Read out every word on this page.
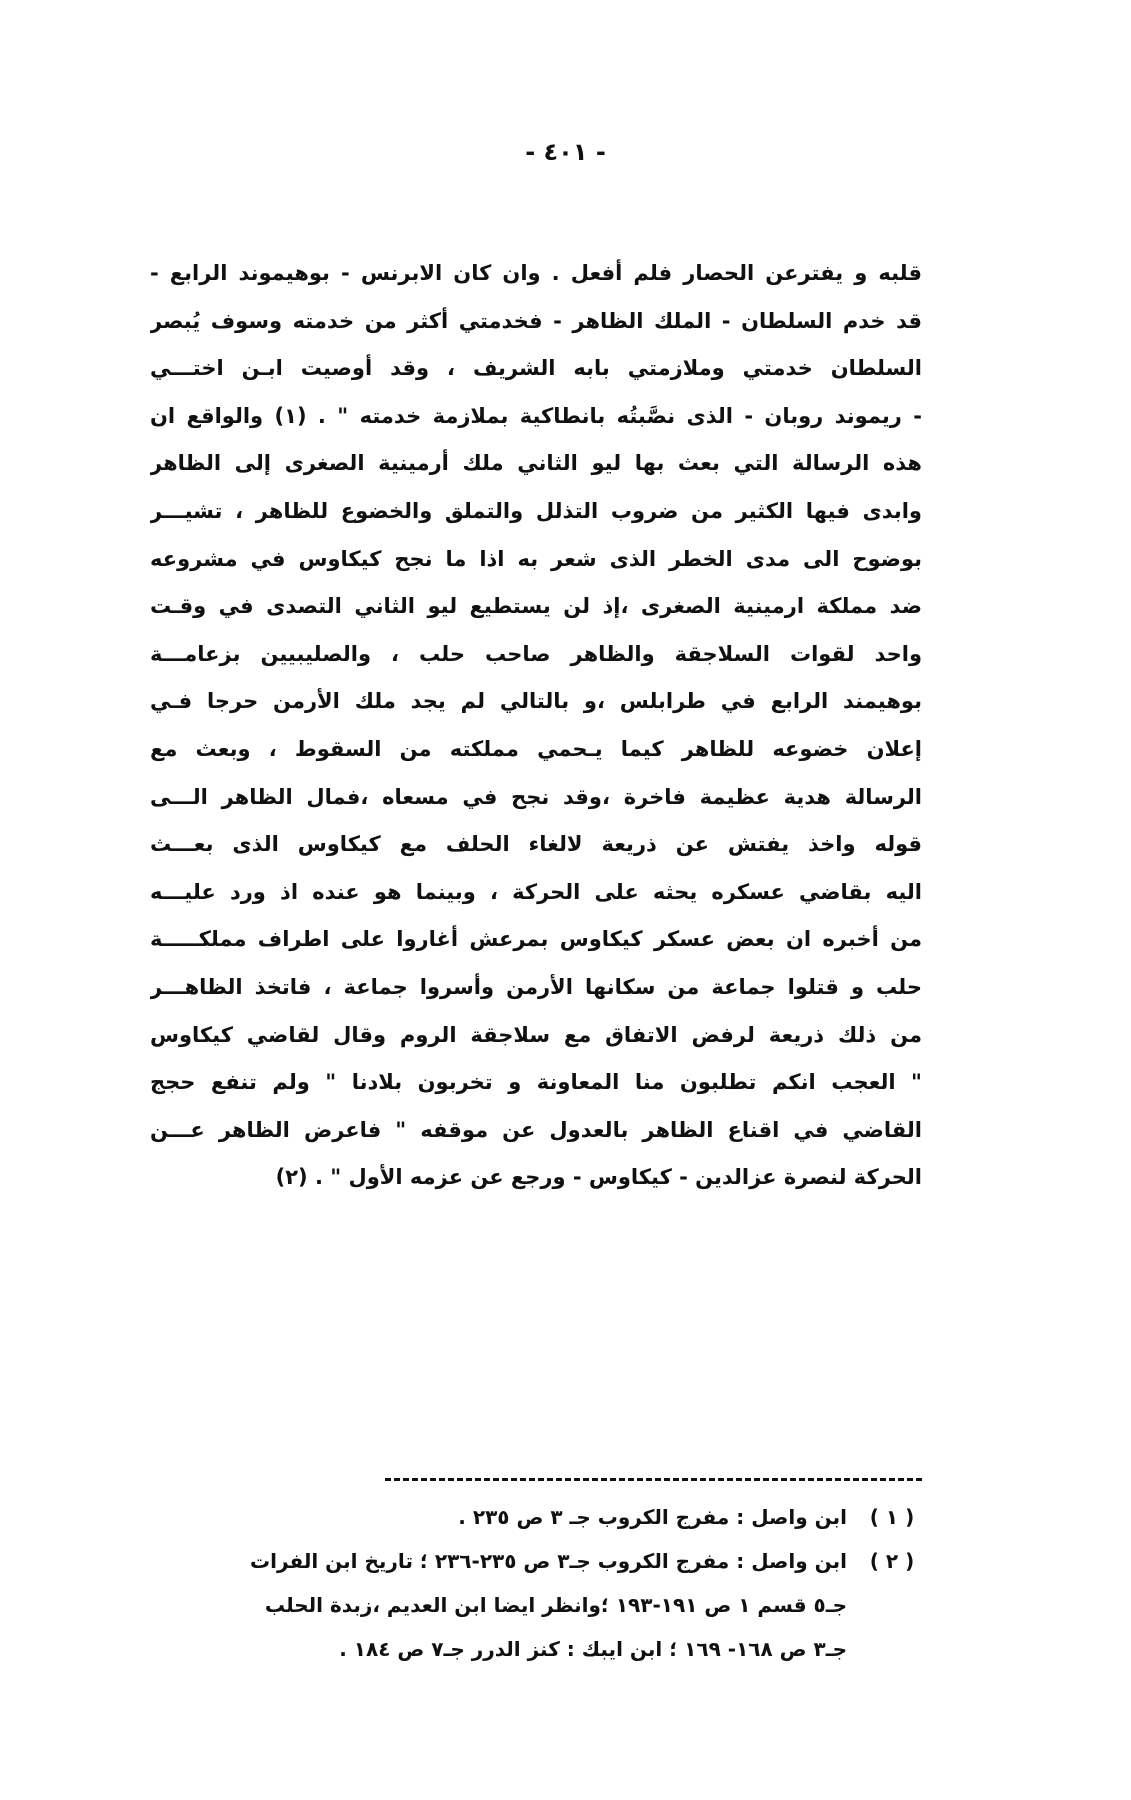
- ٤٠١ -
قلبه و يفترعن الحصار فلم أفعل . وان كان الابرنس - بوهيموند الرابع -
قد خدم السلطان - الملك الظاهر - فخدمتي أكثر من خدمته وسوف يُبصر
السلطان خدمتي وملازمتي بابه الشريف ، وقد أوصيت ابـن اختـــي
- ريموند روبان - الذى نصَّبتُه بانطاكية بملازمة خدمته " . (١) والواقع ان
هذه الرسالة التي بعث بها ليو الثاني ملك أرمينية الصغرى إلى الظاهر
وابدى فيها الكثير من ضروب التذلل والتملق والخضوع للظاهر ، تشيـــر
بوضوح الى مدى الخطر الذى شعر به اذا ما نجح كيكاوس في مشروعه
ضد مملكة ارمينية الصغرى ،إذ لن يستطيع ليو الثاني التصدى في وقـت
واحد لقوات السلاجقة والظاهر صاحب حلب ، والصليبيين بزعامـــة
بوهيمند الرابع في طرابلس ،و بالتالي لم يجد ملك الأرمن حرجا فـي
إعلان خضوعه للظاهر كيما يـحمي مملكته من السقوط ، وبعث مع
الرسالة هدية عظيمة فاخرة ،وقد نجح في مسعاه ،فمال الظاهر الـــى
قوله واخذ يفتش عن ذريعة لالغاء الحلف مع كيكاوس الذى بعـــث
اليه بقاضي عسكره يحثه على الحركة ، وبينما هو عنده اذ ورد عليـــه
من أخبره ان بعض عسكر كيكاوس بمرعش أغاروا على اطراف مملكـــــة
حلب و قتلوا جماعة من سكانها الأرمن وأسروا جماعة ، فاتخذ الظاهـــر
من ذلك ذريعة لرفض الاتفاق مع سلاجقة الروم وقال لقاضي كيكاوس
" العجب انكم تطلبون منا المعاونة و تخربون بلادنا " ولم تنفع حجج
القاضي في اقناع الظاهر بالعدول عن موقفه " فاعرض الظاهر عـــن
الحركة لنصرة عزالدين - كيكاوس - ورجع عن عزمه الأول " . (٢)
( ١ )
ابن واصل : مفرج الكروب جـ ٣ ص ٢٣٥ .
( ٢ )
ابن واصل : مفرج الكروب جـ٣ ص ٢٣٥-٢٣٦ ؛ تاريخ ابن الفرات
جـ٥ قسم ١ ص ١٩١-١٩٣ ؛وانظر ايضا ابن العديم ،زبدة الحلب
جـ٣ ص ١٦٨- ١٦٩ ؛ ابن ايبك : كنز الدرر جـ٧ ص ١٨٤ .
